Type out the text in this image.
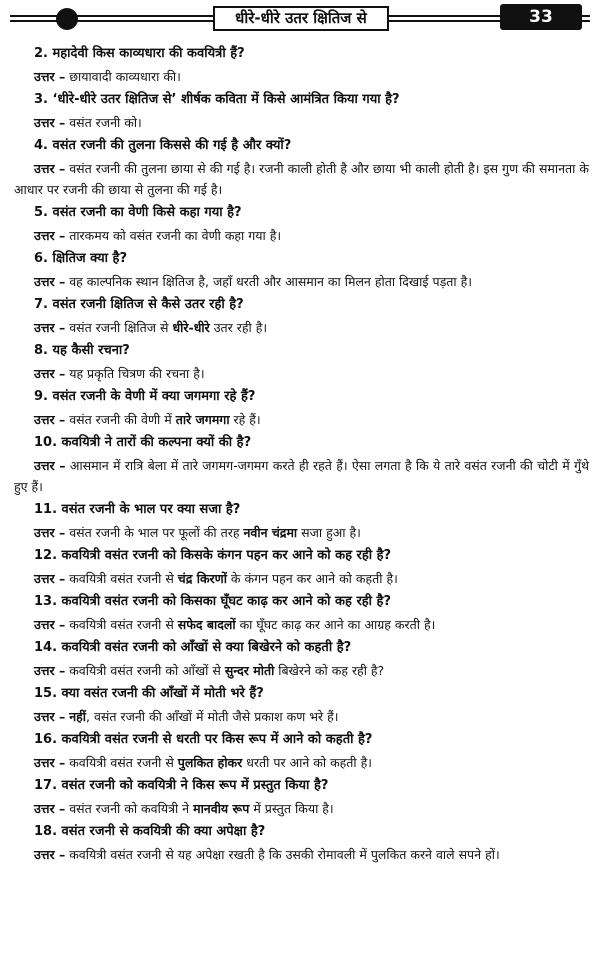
धीरे-धीरे उतर क्षितिज से	33
2. महादेवी किस काव्यधारा की कवयित्री हैं?
उत्तर – छायावादी काव्यधारा की।
3. ‘धीरे-धीरे उतर क्षितिज से’ शीर्षक कविता में किसे आमंत्रित किया गया है?
उत्तर – वसंत रजनी को।
4. वसंत रजनी की तुलना किससे की गई है और क्यों?
उत्तर – वसंत रजनी की तुलना छाया से की गई है। रजनी काली होती है और छाया भी काली होती है। इस गुण की समानता के आधार पर रजनी की छाया से तुलना की गई है।
5. वसंत रजनी का वेणी किसे कहा गया है?
उत्तर – तारकमय को वसंत रजनी का वेणी कहा गया है।
6. क्षितिज क्या है?
उत्तर – वह काल्पनिक स्थान क्षितिज है, जहाँ धरती और आसमान का मिलन होता दिखाई पड़ता है।
7. वसंत रजनी क्षितिज से कैसे उतर रही है?
उत्तर – वसंत रजनी क्षितिज से धीरे-धीरे उतर रही है।
8. यह कैसी रचना?
उत्तर – यह प्रकृति चित्रण की रचना है।
9. वसंत रजनी के वेणी में क्या जगमगा रहे हैं?
उत्तर – वसंत रजनी की वेणी में तारे जगमगा रहे हैं।
10. कवयित्री ने तारों की कल्पना क्यों की है?
उत्तर – आसमान में रात्रि बेला में तारे जगमग-जगमग करते ही रहते हैं। ऐसा लगता है कि ये तारे वसंत रजनी की चोटी में गुँथे हुए हैं।
11. वसंत रजनी के भाल पर क्या सजा है?
उत्तर – वसंत रजनी के भाल पर फूलों की तरह नवीन चंद्रमा सजा हुआ है।
12. कवयित्री वसंत रजनी को किसके कंगन पहन कर आने को कह रही है?
उत्तर – कवयित्री वसंत रजनी से चंद्र किरणों के कंगन पहन कर आने को कहती है।
13. कवयित्री वसंत रजनी को किसका घूँघट काढ़ कर आने को कह रही है?
उत्तर – कवयित्री वसंत रजनी से सफेद बादलों का घूँघट काढ़ कर आने का आग्रह करती है।
14. कवयित्री वसंत रजनी को आँखों से क्या बिखेरने को कहती है?
उत्तर – कवयित्री वसंत रजनी को आँखों से सुन्दर मोती बिखेरने को कह रही है?
15. क्या वसंत रजनी की आँखों में मोती भरे हैं?
उत्तर – नहीं, वसंत रजनी की आँखों में मोती जैसे प्रकाश कण भरे हैं।
16. कवयित्री वसंत रजनी से धरती पर किस रूप में आने को कहती है?
उत्तर – कवयित्री वसंत रजनी से पुलकित होकर धरती पर आने को कहती है।
17. वसंत रजनी को कवयित्री ने किस रूप में प्रस्तुत किया है?
उत्तर – वसंत रजनी को कवयित्री ने मानवीय रूप में प्रस्तुत किया है।
18. वसंत रजनी से कवयित्री की क्या अपेक्षा है?
उत्तर – कवयित्री वसंत रजनी से यह अपेक्षा रखती है कि उसकी रोमावली में पुलकित करने वाले सपने हों।
